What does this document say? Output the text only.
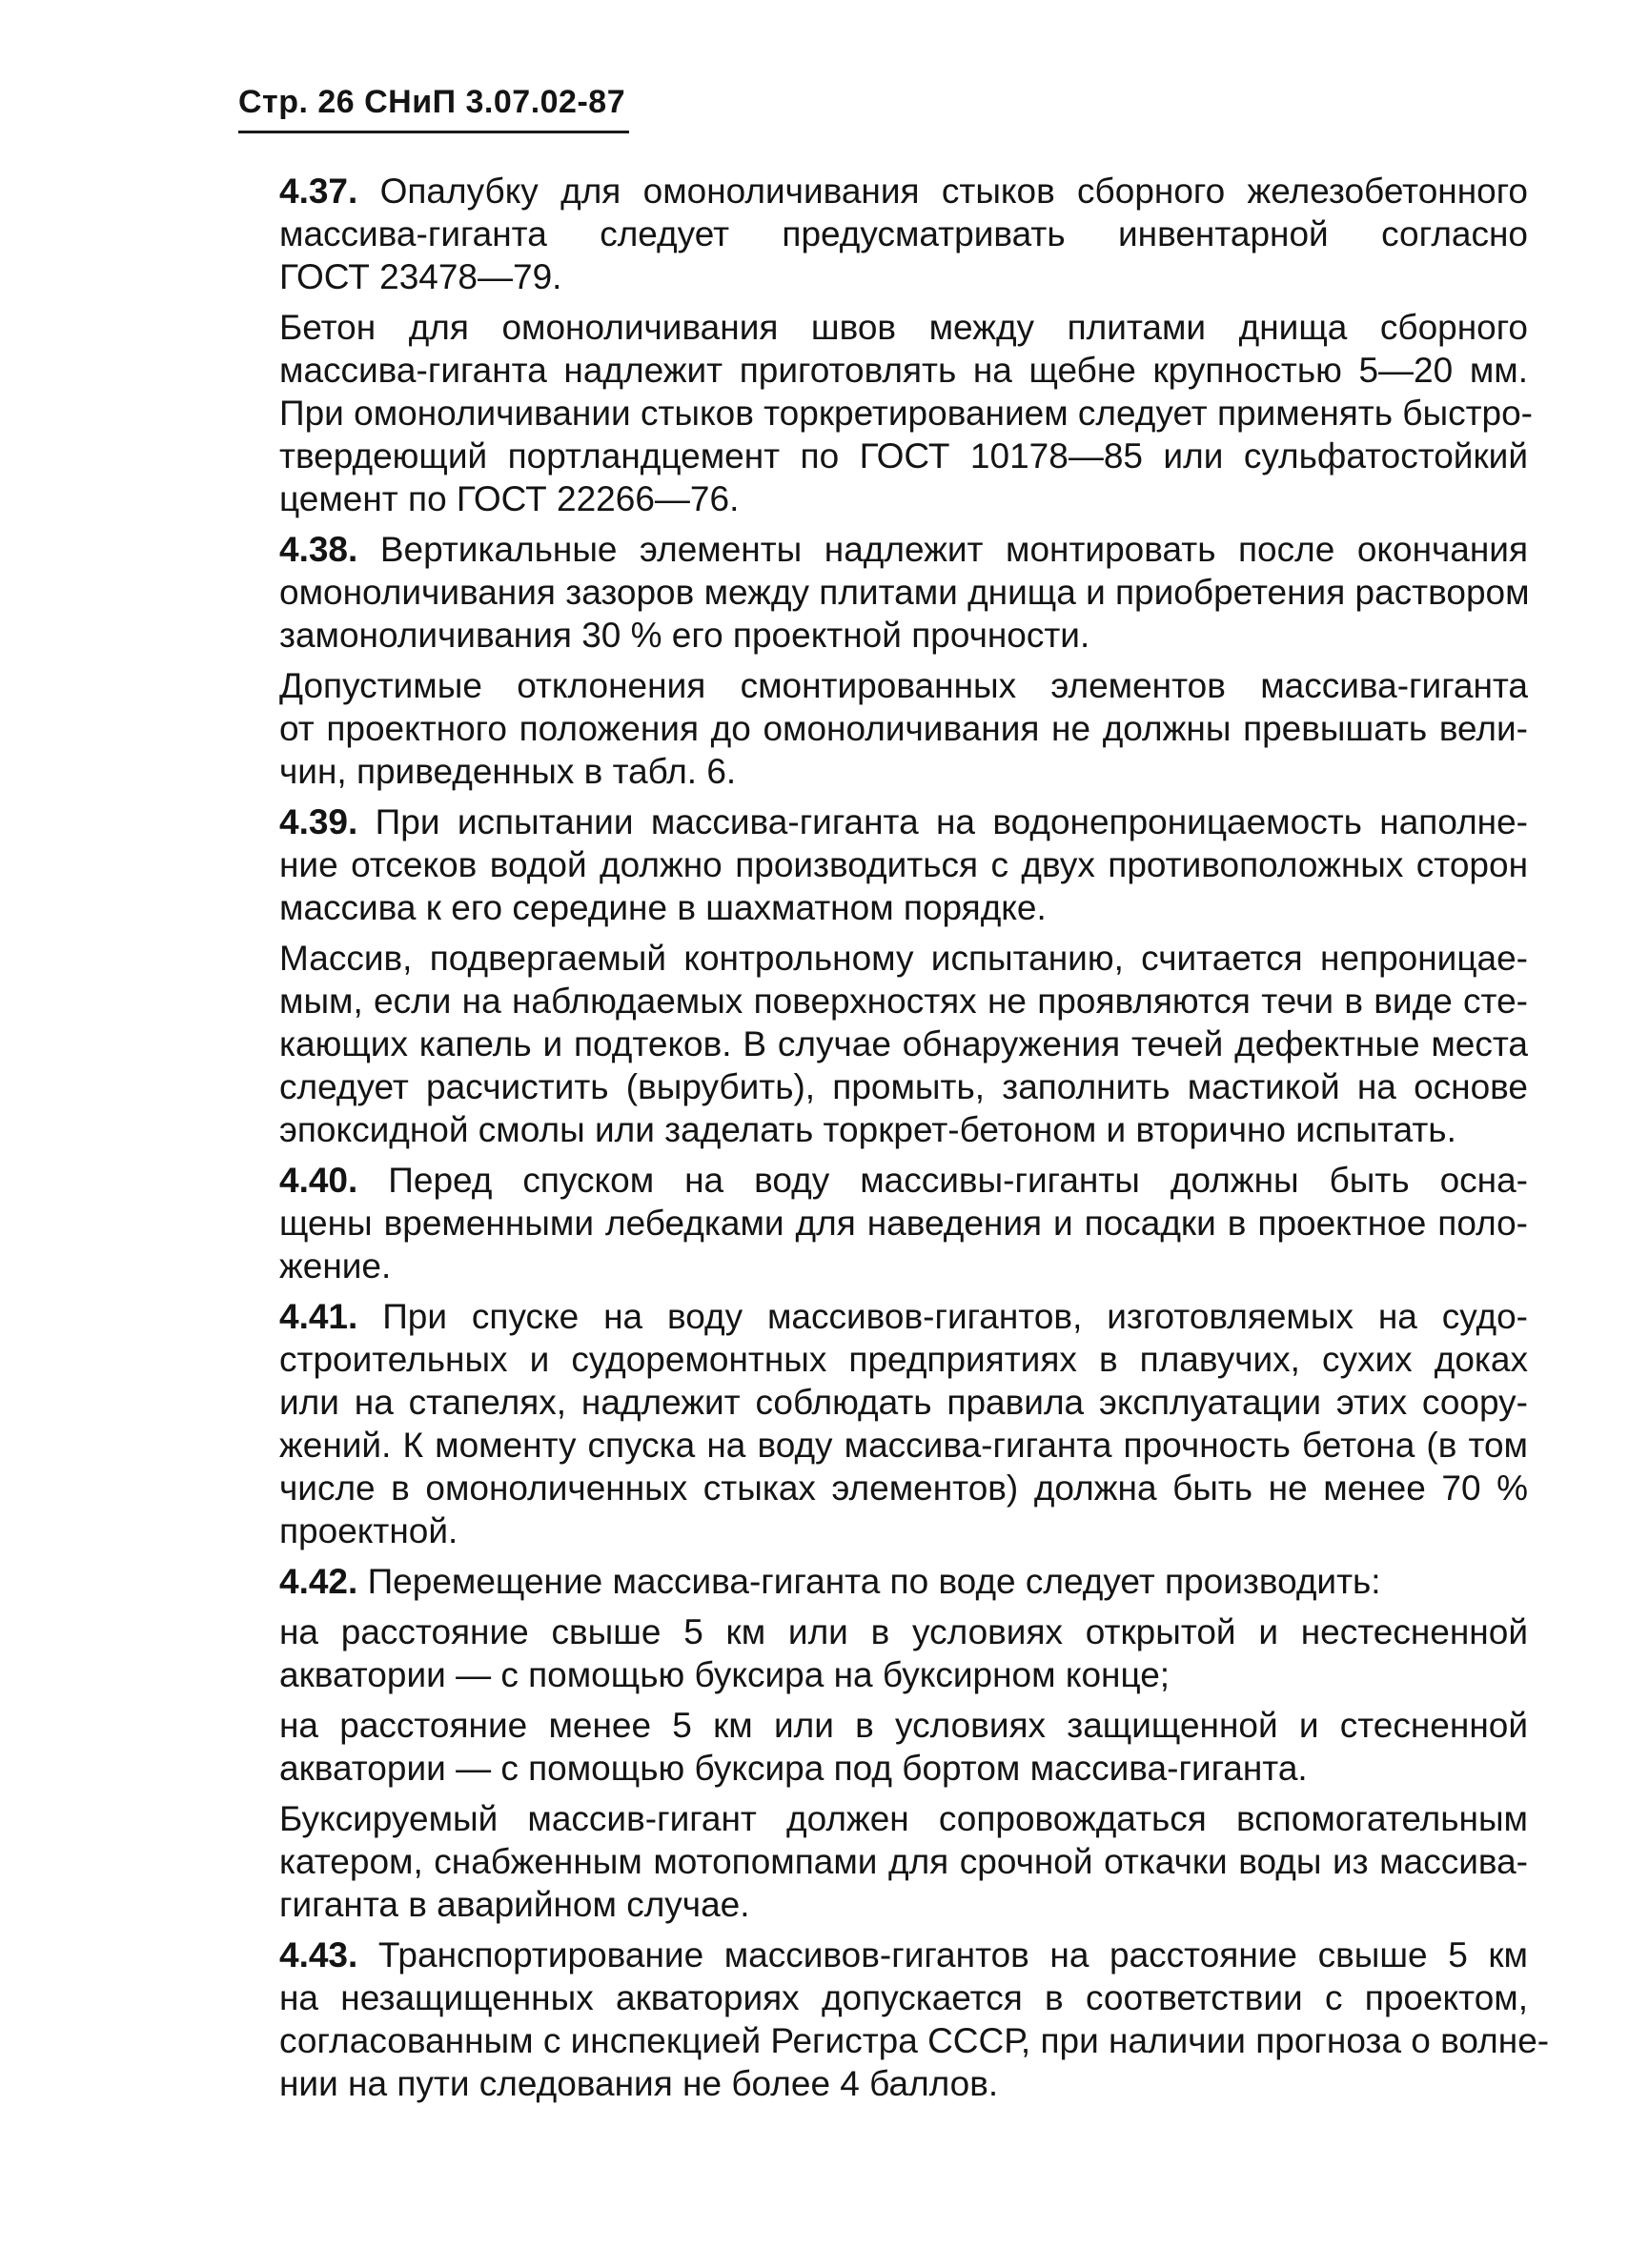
Стр. 26 СНиП 3.07.02-87
4.37. Опалубку для омоноличивания стыков сборного железобетонного
массива-гиганта следует предусматривать инвентарной согласно
ГОСТ 23478—79.
Бетон для омоноличивания швов между плитами днища сборного
массива-гиганта надлежит приготовлять на щебне крупностью 5—20 мм.
При омоноличивании стыков торкретированием следует применять быстро-
твердеющий портландцемент по ГОСТ 10178—85 или сульфатостойкий
цемент по ГОСТ 22266—76.
4.38. Вертикальные элементы надлежит монтировать после окончания
омоноличивания зазоров между плитами днища и приобретения раствором
замоноличивания 30 % его проектной прочности.
Допустимые отклонения смонтированных элементов массива-гиганта
от проектного положения до омоноличивания не должны превышать вели-
чин, приведенных в табл. 6.
4.39. При испытании массива-гиганта на водонепроницаемость наполне-
ние отсеков водой должно производиться с двух противоположных сторон
массива к его середине в шахматном порядке.
Массив, подвергаемый контрольному испытанию, считается непроницае-
мым, если на наблюдаемых поверхностях не проявляются течи в виде сте-
кающих капель и подтеков. В случае обнаружения течей дефектные места
следует расчистить (вырубить), промыть, заполнить мастикой на основе
эпоксидной смолы или заделать торкрет-бетоном и вторично испытать.
4.40. Перед спуском на воду массивы-гиганты должны быть осна-
щены временными лебедками для наведения и посадки в проектное поло-
жение.
4.41. При спуске на воду массивов-гигантов, изготовляемых на судо-
строительных и судоремонтных предприятиях в плавучих, сухих доках
или на стапелях, надлежит соблюдать правила эксплуатации этих соору-
жений. К моменту спуска на воду массива-гиганта прочность бетона (в том
числе в омоноличенных стыках элементов) должна быть не менее 70 %
проектной.
4.42. Перемещение массива-гиганта по воде следует производить:
на расстояние свыше 5 км или в условиях открытой и нестесненной
акватории — с помощью буксира на буксирном конце;
на расстояние менее 5 км или в условиях защищенной и стесненной
акватории — с помощью буксира под бортом массива-гиганта.
Буксируемый массив-гигант должен сопровождаться вспомогательным
катером, снабженным мотопомпами для срочной откачки воды из массива-
гиганта в аварийном случае.
4.43. Транспортирование массивов-гигантов на расстояние свыше 5 км
на незащищенных акваториях допускается в соответствии с проектом,
согласованным с инспекцией Регистра СССР, при наличии прогноза о волне-
нии на пути следования не более 4 баллов.
